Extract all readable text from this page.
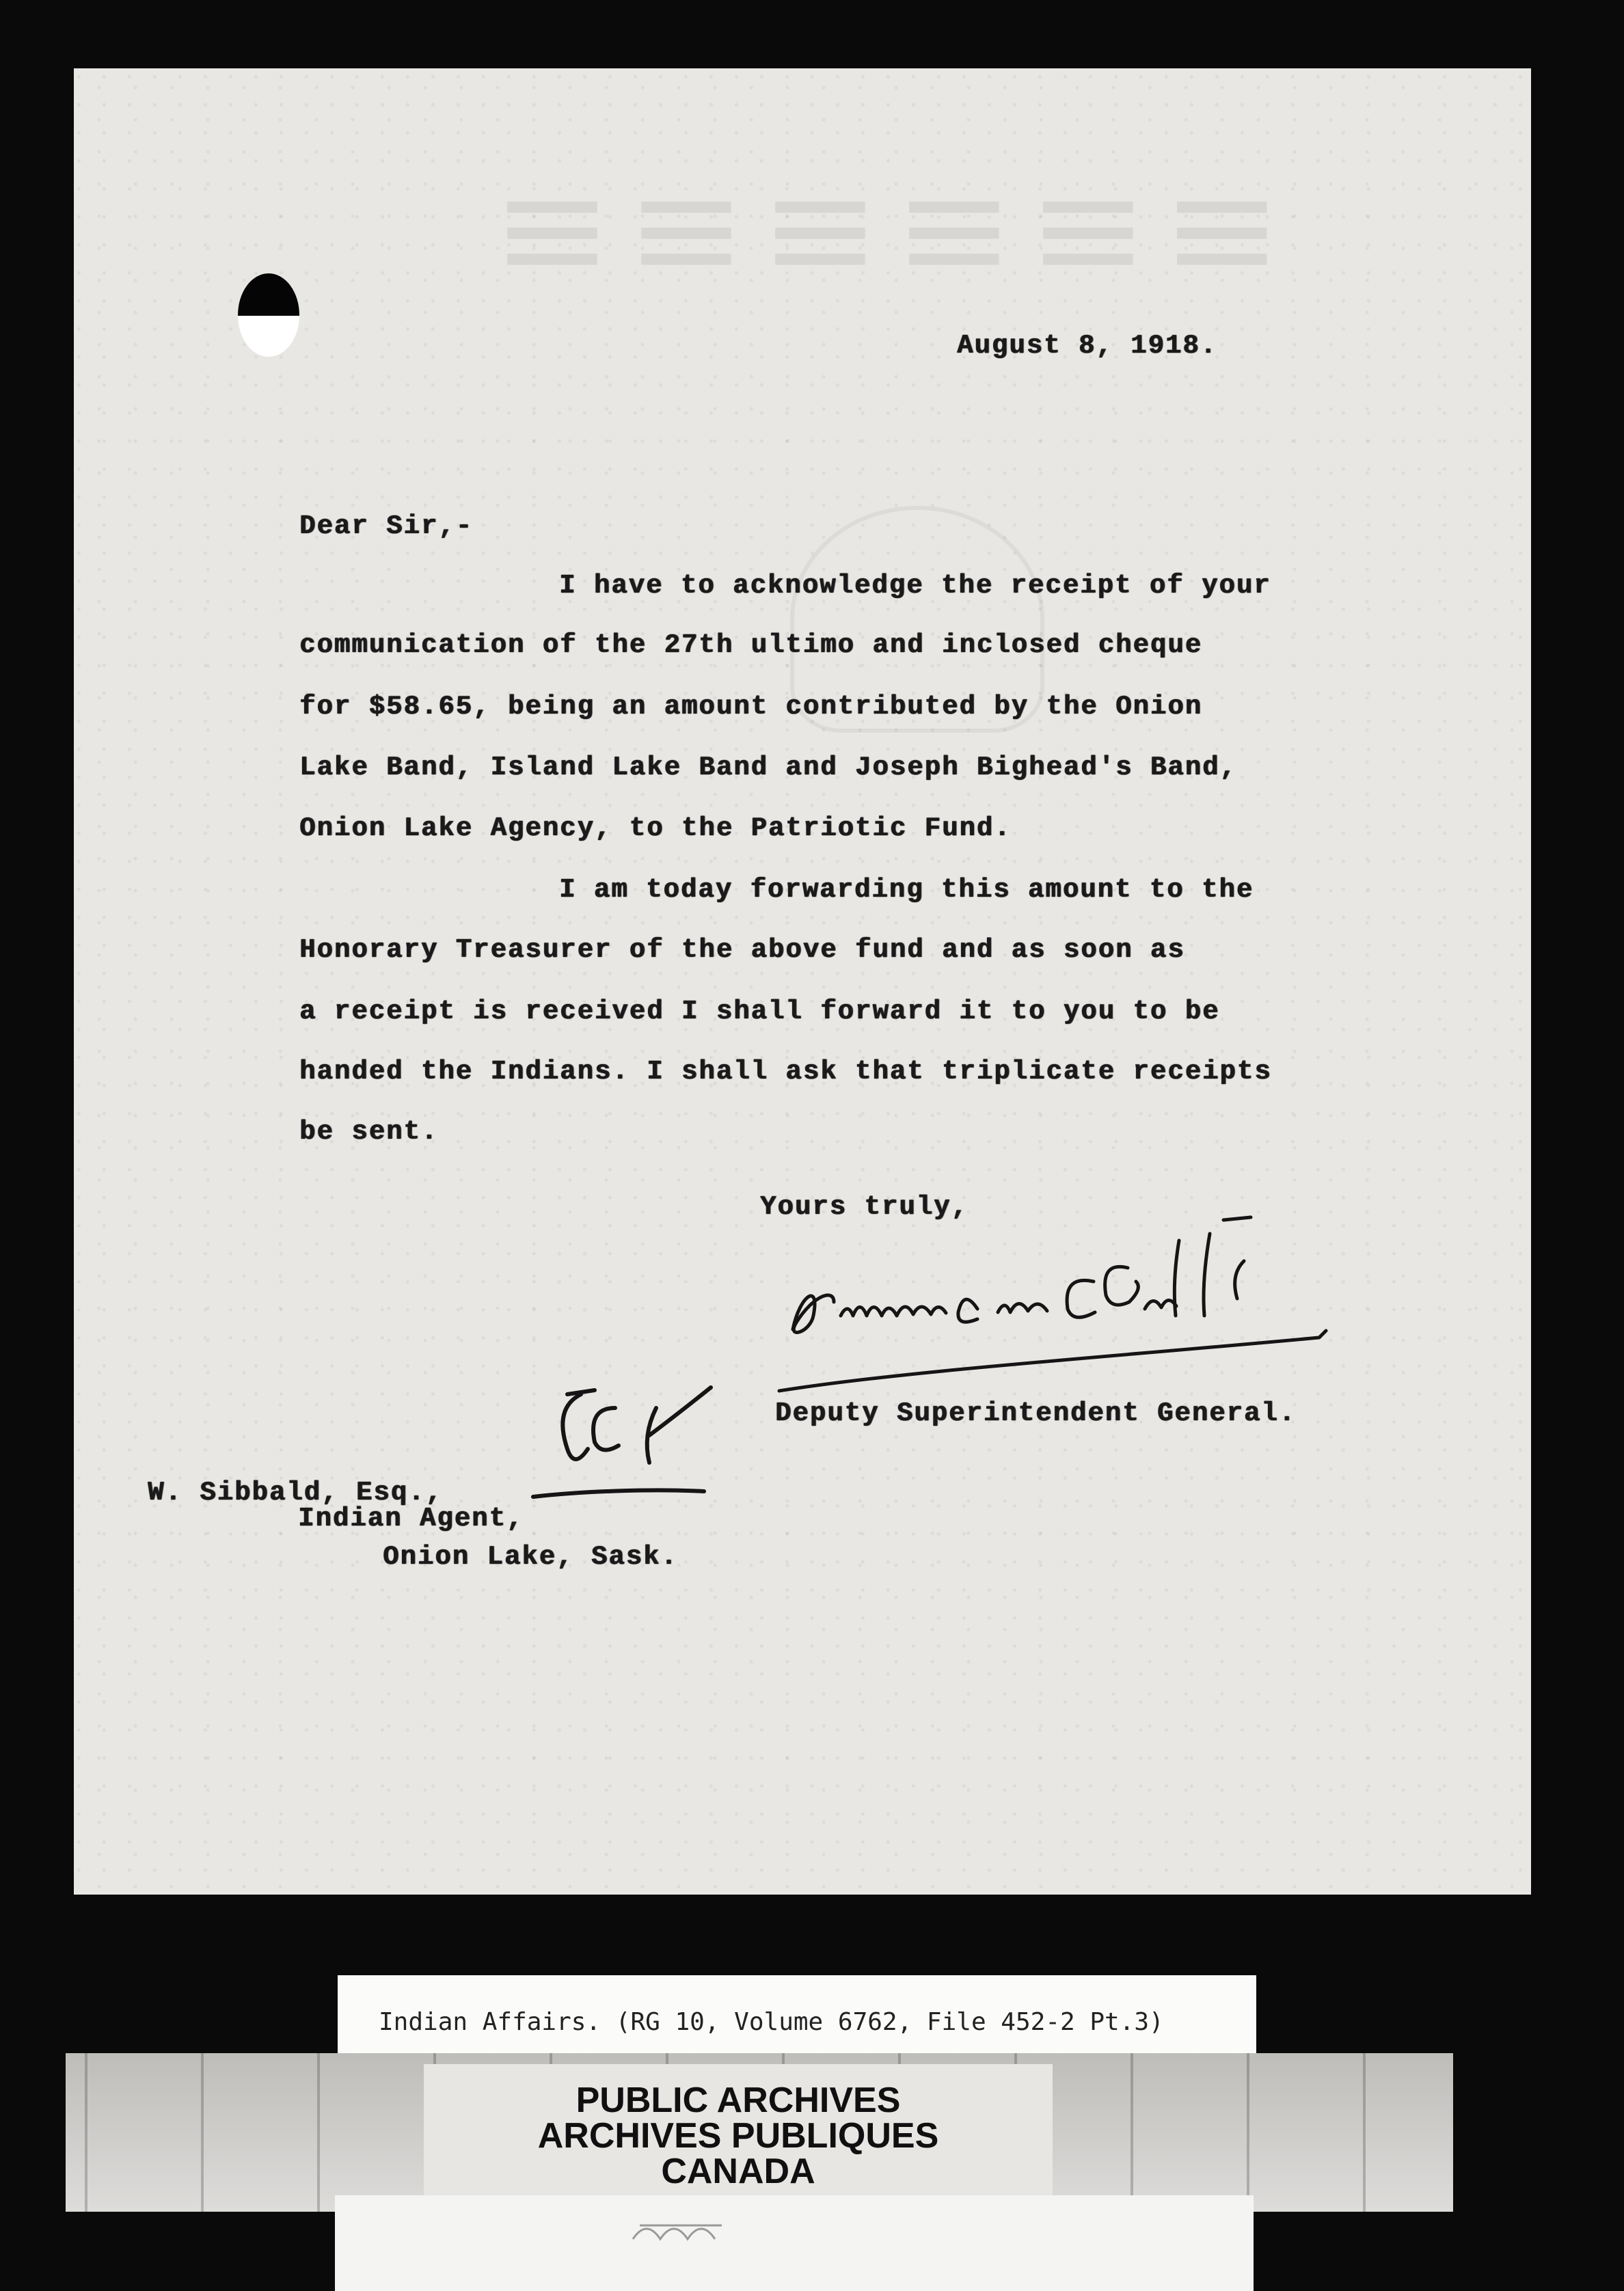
≡≡≡≡≡≡

August 8, 1918.

Dear Sir,-

I have to acknowledge the receipt of your

communication of the 27th ultimo and inclosed cheque

for $58.65, being an amount contributed by the Onion

Lake Band, Island Lake Band and Joseph Bighead's Band,

Onion Lake Agency, to the Patriotic Fund.

I am today forwarding this amount to the

Honorary Treasurer of the above fund and as soon as

a receipt is received I shall forward it to you to be

handed the Indians. I shall ask that triplicate receipts

be sent.

Yours truly,

Deputy Superintendent General.

W. Sibbald, Esq.,

Indian Agent,

Onion Lake, Sask.

Indian Affairs. (RG 10, Volume 6762, File 452-2 Pt.3)
PUBLIC ARCHIVES
ARCHIVES PUBLIQUES
CANADA
